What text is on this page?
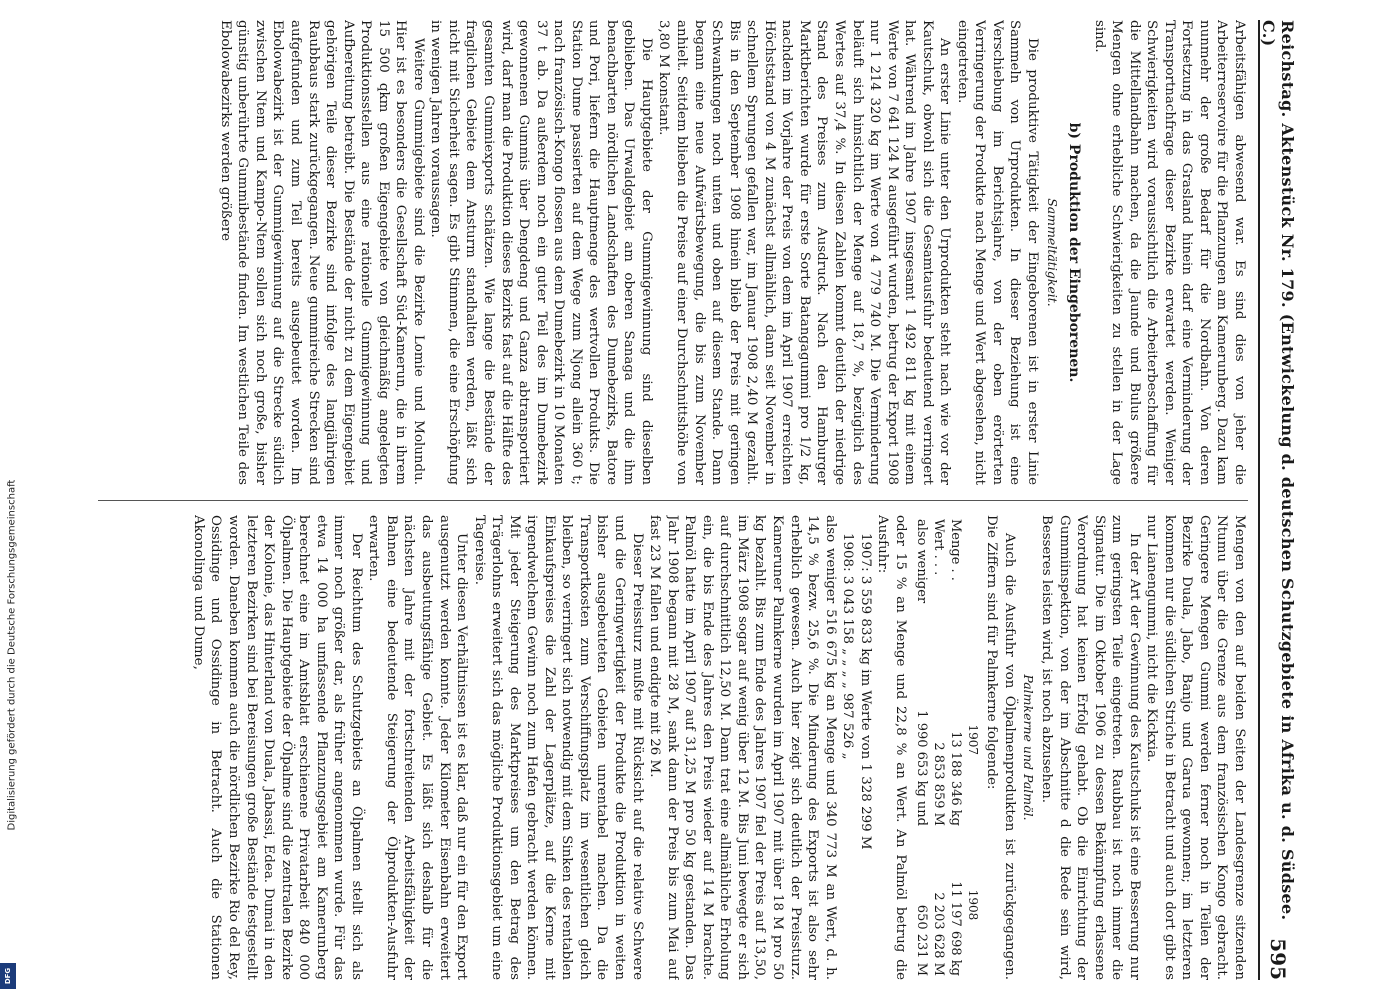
Reichstag. Aktenstück Nr. 179. (Entwickelung d. deutschen Schutzgebiete in Afrika u. d. Südsee. C.)
595

Arbeitsfähigen abwesend war. Es sind dies von jeher die Arbeiterreservoire für die Pflanzungen am Kamerunberg. Dazu kam nunmehr der große Bedarf für die Nordbahn. Von deren Fortsetzung in das Grasland hinein darf eine Verminderung der Transportnachfrage dieser Bezirke erwartet werden. Weniger Schwierigkeiten wird voraussichtlich die Arbeiterbeschaffung für die Mittellandbahn machen, da die Jaunde und Bulus größere Mengen ohne erhebliche Schwierigkeiten zu stellen in der Lage sind.

b) Produktion der Eingeborenen.
Sammeltätigkeit.

Die produktive Tätigkeit der Eingeborenen ist in erster Linie Sammeln von Urprodukten. In dieser Beziehung ist eine Verschiebung im Berichtsjahre, von der oben erörterten Verringerung der Produkte nach Menge und Wert abgesehen, nicht eingetreten.

An erster Linie unter den Urprodukten steht nach wie vor der Kautschuk, obwohl sich die Gesamtausfuhr bedeutend verringert hat. Während im Jahre 1907 insgesamt 1 492 811 kg mit einem Werte von 7 641 124 M ausgeführt wurden, betrug der Export 1908 nur 1 214 320 kg im Werte von 4 779 740 M. Die Verminderung beläuft sich hinsichtlich der Menge auf 18,7 %, bezüglich des Wertes auf 37,4 %. In diesen Zahlen kommt deutlich der niedrige Stand des Preises zum Ausdruck. Nach den Hamburger Marktberichten wurde für erste Sorte Batangagummi pro 1/2 kg, nachdem im Vorjahre der Preis von dem im April 1907 erreichten Höchststand von 4 M zunächst allmählich, dann seit November in schnellem Sprungen gefallen war, im Januar 1908 2,40 M gezahlt. Bis in den September 1908 hinein blieb der Preis mit geringen Schwankungen noch unten und oben auf diesem Stande. Dann begann eine neue Aufwärtsbewegung, die bis zum November anhielt. Seitdem blieben die Preise auf einer Durchschnittshöhe von 3,80 M konstant.

Die Hauptgebiete der Gummigewinnung sind dieselben geblieben. Das Urwaldgebiet am oberen Sanaga und die ihm benachbarten nördlichen Landschaften des Dumebezirks, Batore und Pori, liefern die Hauptmenge des wertvollen Produkts. Die Station Dume passierten auf dem Wege zum Njong allein 360 t; nach französisch-Kongo flossen aus dem Dumebezirk in 10 Monaten 37 t ab. Da außerdem noch ein guter Teil des im Dumebezirk gewonnenen Gummis über Dengdeng und Ganza abtransportiert wird, darf man die Produktion dieses Bezirks fast auf die Hälfte des gesamten Gummiexports schätzen. Wie lange die Bestände der fraglichen Gebiete dem Ansturm standhalten werden, läßt sich nicht mit Sicherheit sagen. Es gibt Stimmen, die eine Erschöpfung in wenigen Jahren voraussagen.

Weitere Gummigebiete sind die Bezirke Lomie und Molundu. Hier ist es besonders die Gesellschaft Süd-Kamerun, die in ihrem 15 500 qkm großen Eigengebiete von gleichmäßig angelegten Produktionsstellen aus eine rationelle Gummigewinnung und Aufbereitung betreibt. Die Bestände der nicht zu dem Eigengebiet gehörigen Teile dieser Bezirke sind infolge des langjährigen Raubbaus stark zurückgegangen. Neue gummireiche Strecken sind aufgefunden und zum Teil bereits ausgebeutet worden. Im Ebolowabezirk ist der Gummigewinnung auf die Strecke südlich zwischen Ntem und Kampo-Ntem sollen sich noch große, bisher günstig unberührte Gummibestände finden. Im westlichen Teile des Ebolowabezirks werden größere

Mengen von den auf beiden Seiten der Landesgrenze sitzenden Ntumu über die Grenze aus dem französischen Kongo gebracht. Geringere Mengen Gummi werden ferner noch in Teilen der Bezirke Duala, Jabo, Banjo und Garua gewonnen; im letzteren kommen nur die südlichen Striche in Betracht und auch dort gibt es nur Lianengummi, nicht die Kickxia.

In der Art der Gewinnung des Kautschuks ist eine Besserung nur zum geringsten Teile eingetreten. Raubbau ist noch immer die Signatur. Die im Oktober 1906 zu dessen Bekämpfung erlassene Verordnung hat keinen Erfolg gehabt. Ob die Einrichtung der Gummiinspektion, von der im Abschnitte d die Rede sein wird, Besseres leisten wird, ist noch abzusehen.

Palmkerne und Palmöl.

Auch die Ausfuhr von Ölpalmenprodukten ist zurückgegangen. Die Ziffern sind für Palmkerne folgende:

	1907	1908
Menge . .	13 188 346 kg	11 197 698 kg
Wert . . .	2 853 859 M	2 203 628 M
also weniger	1 990 653 kg und	650 231 M

oder 15 % an Menge und 22,8 % an Wert. An Palmöl betrug die Ausfuhr:

1907: 3 559 833 kg im Werte von 1 328 299 M

1908: 3 043 158 „ „ „ „ 987 526 „

also weniger 516 675 kg an Menge und 340 773 M an Wert, d. h. 14,5 % bezw. 25,6 %. Die Minderung des Exports ist also sehr erheblich gewesen. Auch hier zeigt sich deutlich der Preissturz. Kameruner Palmkerne wurden im April 1907 mit über 18 M pro 50 kg bezahlt. Bis zum Ende des Jahres 1907 fiel der Preis auf 13,50, im März 1908 sogar auf wenig über 12 M. Bis Juni bewegte er sich auf durchschnittlich 12,50 M. Dann trat eine allmähliche Erholung ein, die bis Ende des Jahres den Preis wieder auf 14 M brachte. Palmöl hatte im April 1907 auf 31,25 M pro 50 kg gestanden. Das Jahr 1908 begann mit 28 M, sank dann der Preis bis zum Mai auf fast 23 M fallen und endigte mit 26 M.

Dieser Preissturz mußte mit Rücksicht auf die relative Schwere und die Geringwertigkeit der Produkte die Produktion in weiten bisher ausgebeuteten Gebieten unrentabel machen. Da die Transportkosten zum Verschiffungsplatz im wesentlichen gleich bleiben, so verringert sich notwendig mit dem Sinken des rentablen Einkaufspreises die Zahl der Lagerplätze, auf die Kerne mit irgendwelchem Gewinn noch zum Hafen gebracht werden können. Mit jeder Steigerung des Marktpreises um den Betrag des Trägerlohns erweitert sich das mögliche Produktionsgebiet um eine Tagereise.

Unter diesen Verhältnissen ist es klar, daß nur ein für den Export ausgenutzt werden konnte. Jeder Kilometer Eisenbahn erweitert das ausbeutungsfähige Gebiet. Es läßt sich deshalb für die nächsten Jahre mit der fortschreitenden Arbeitsfähigkeit der Bahnen eine bedeutende Steigerung der Ölprodukten-Ausfuhr erwarten.

Der Reichtum des Schutzgebiets an Ölpalmen stellt sich als immer noch größer dar, als früher angenommen wurde. Für das etwa 14 000 ha umfassende Pflanzungsgebiet am Kamerunberg berechnet eine im Amtsblatt erschienene Privatarbeit 840 000 Ölpalmen. Die Hauptgebiete der Ölpalme sind die zentralen Bezirke der Kolonie, das Hinterland von Duala, Jabassi, Edea. Dumai in den letzteren Bezirken sind bei Bereisungen große Bestände festgestellt worden. Daneben kommen auch die nördlichen Bezirke Rio del Rey, Ossidinge und Ossidinge in Betracht. Auch die Stationen Akonolinga und Dume,

Digitalisierung gefördert durch die Deutsche Forschungsgemeinschaft
DFG
